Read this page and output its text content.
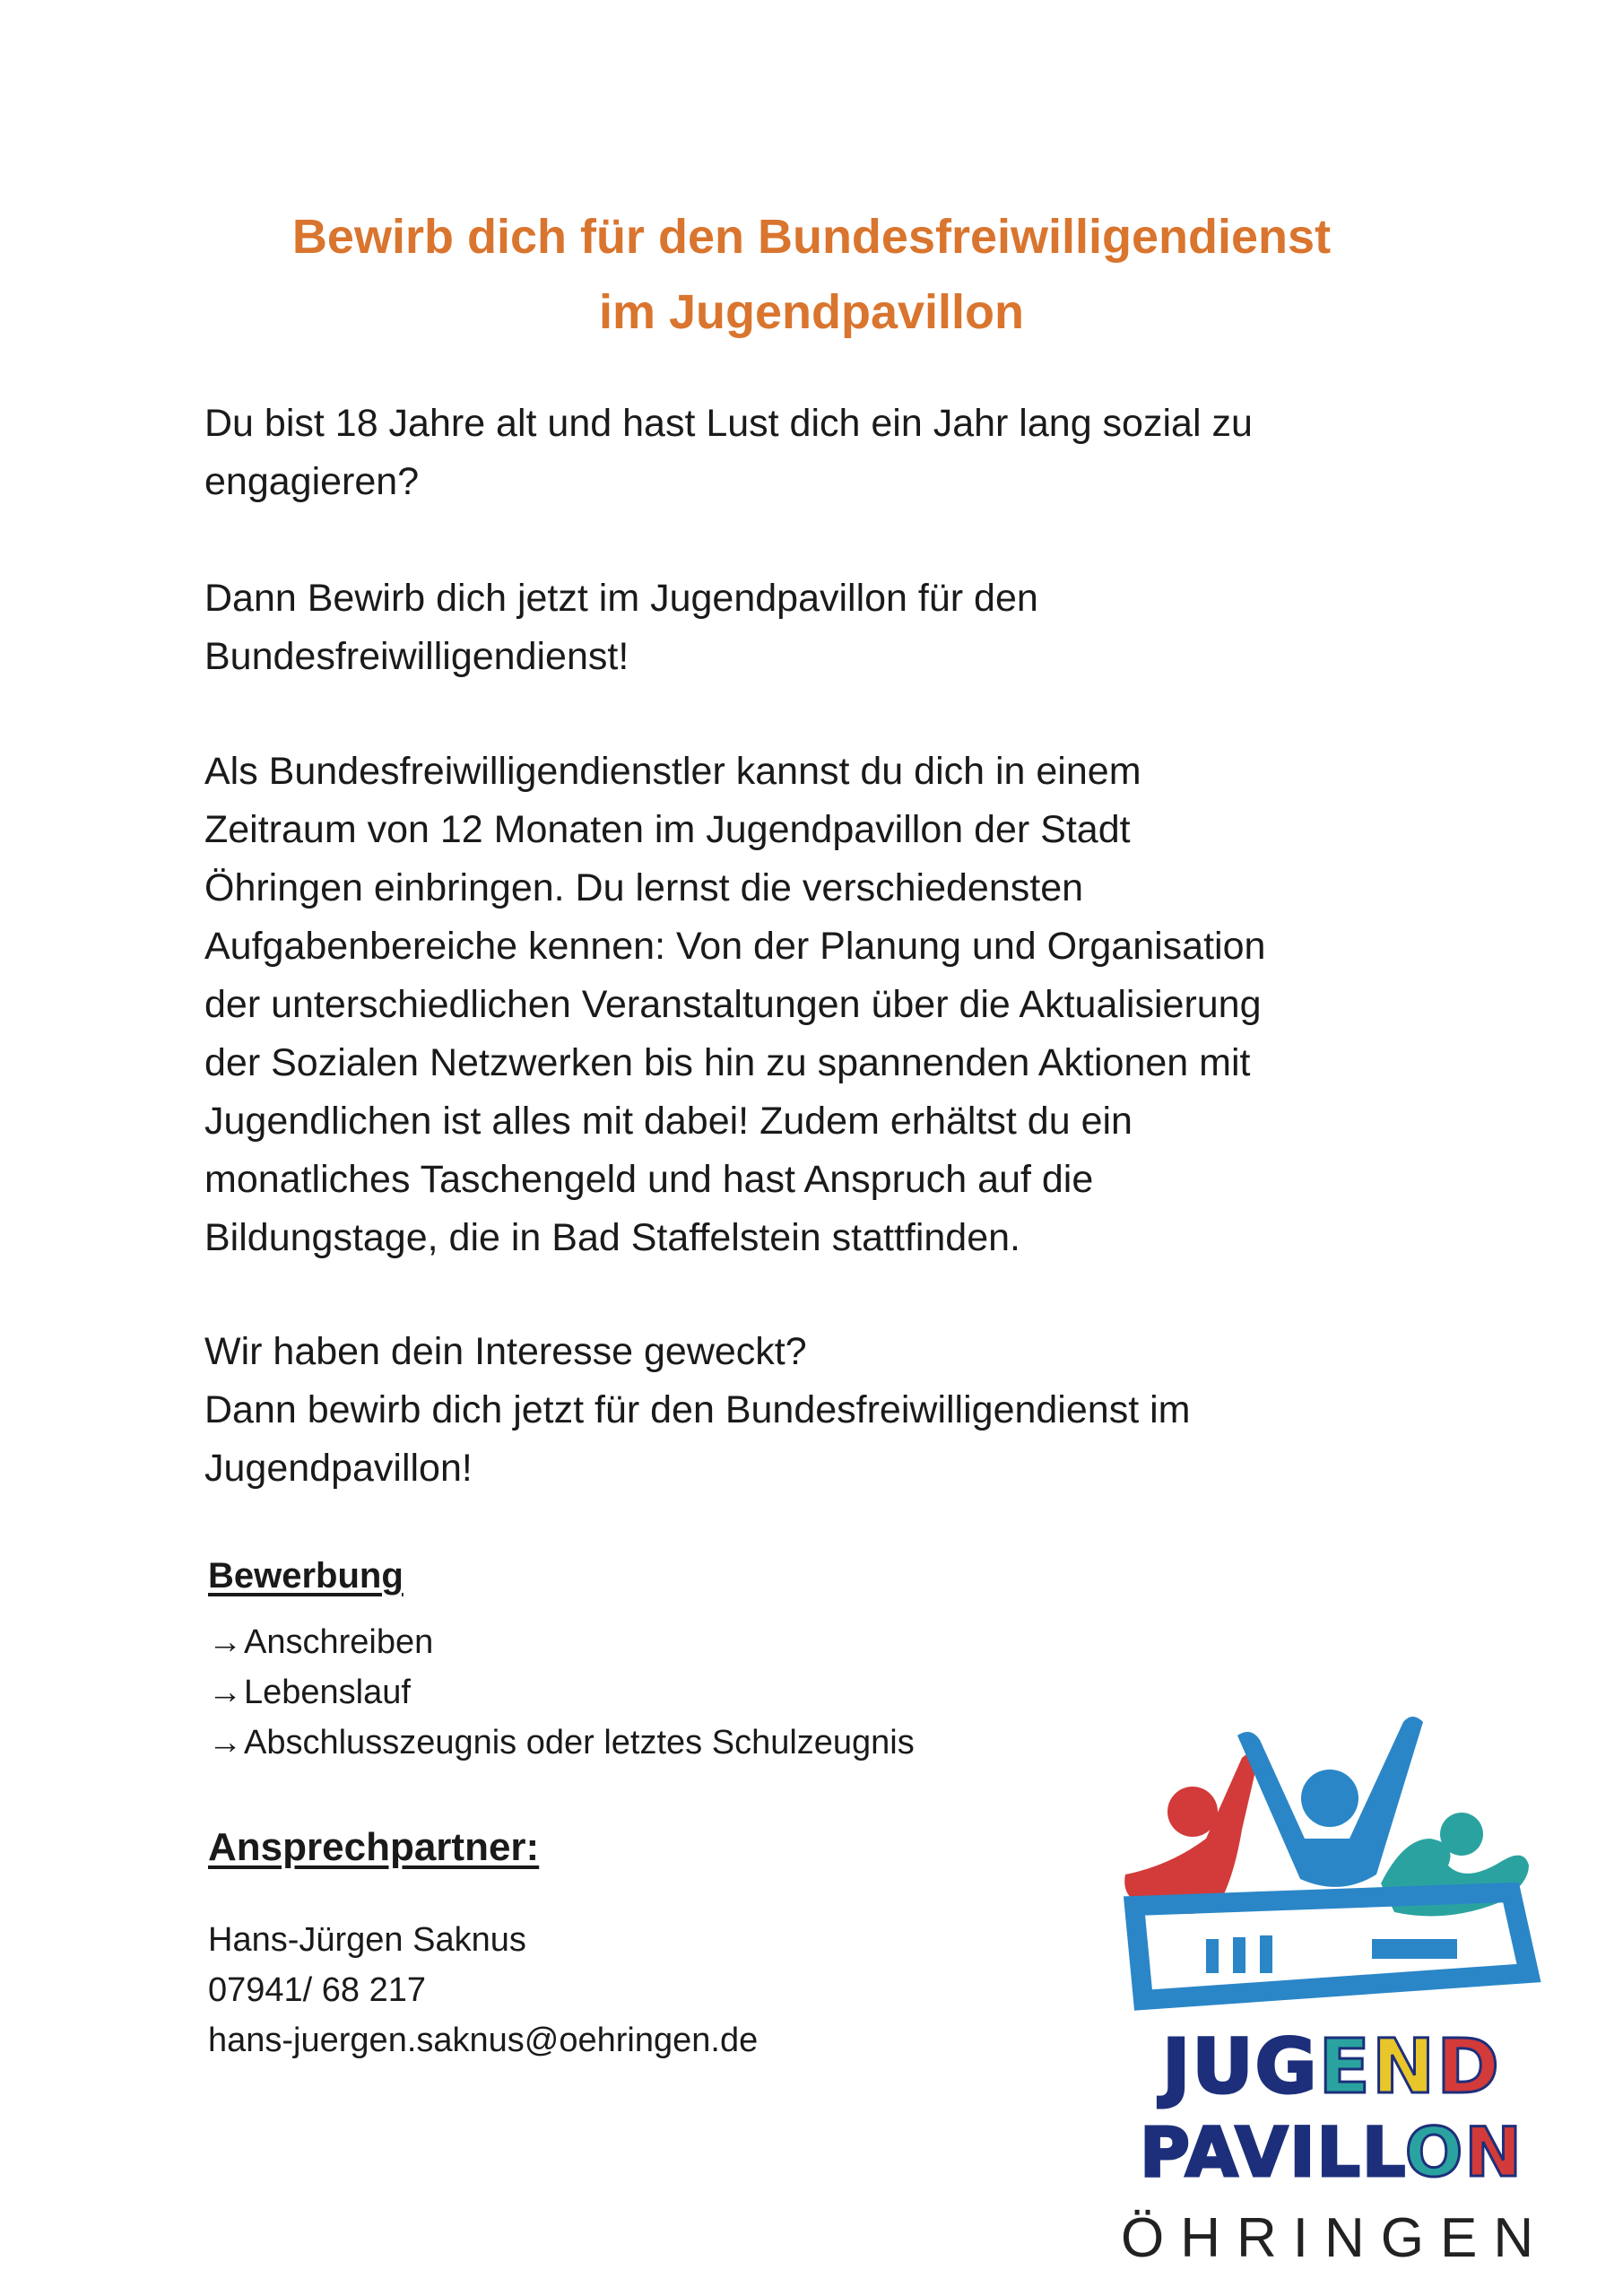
Bewirb dich für den Bundesfreiwilligendienst
im Jugendpavillon
Du bist 18 Jahre alt und hast Lust dich ein Jahr lang sozial zu
engagieren?
Dann Bewirb dich jetzt im Jugendpavillon für den
Bundesfreiwilligendienst!
Als Bundesfreiwilligendienstler kannst du dich in einem
Zeitraum von 12 Monaten im Jugendpavillon der Stadt
Öhringen einbringen. Du lernst die verschiedensten
Aufgabenbereiche kennen: Von der Planung und Organisation
der unterschiedlichen Veranstaltungen über die Aktualisierung
der Sozialen Netzwerken bis hin zu spannenden Aktionen mit
Jugendlichen ist alles mit dabei! Zudem erhältst du ein
monatliches Taschengeld und hast Anspruch auf die
Bildungstage, die in Bad Staffelstein stattfinden.
Wir haben dein Interesse geweckt?
Dann bewirb dich jetzt für den Bundesfreiwilligendienst im
Jugendpavillon!
Bewerbung
→Anschreiben
→Lebenslauf
→Abschlusszeugnis oder letztes Schulzeugnis
Ansprechpartner:
Hans-Jürgen Saknus
07941/ 68 217
hans-juergen.saknus@oehringen.de	JUGEND
PAVILLON
ÖHRINGEN
